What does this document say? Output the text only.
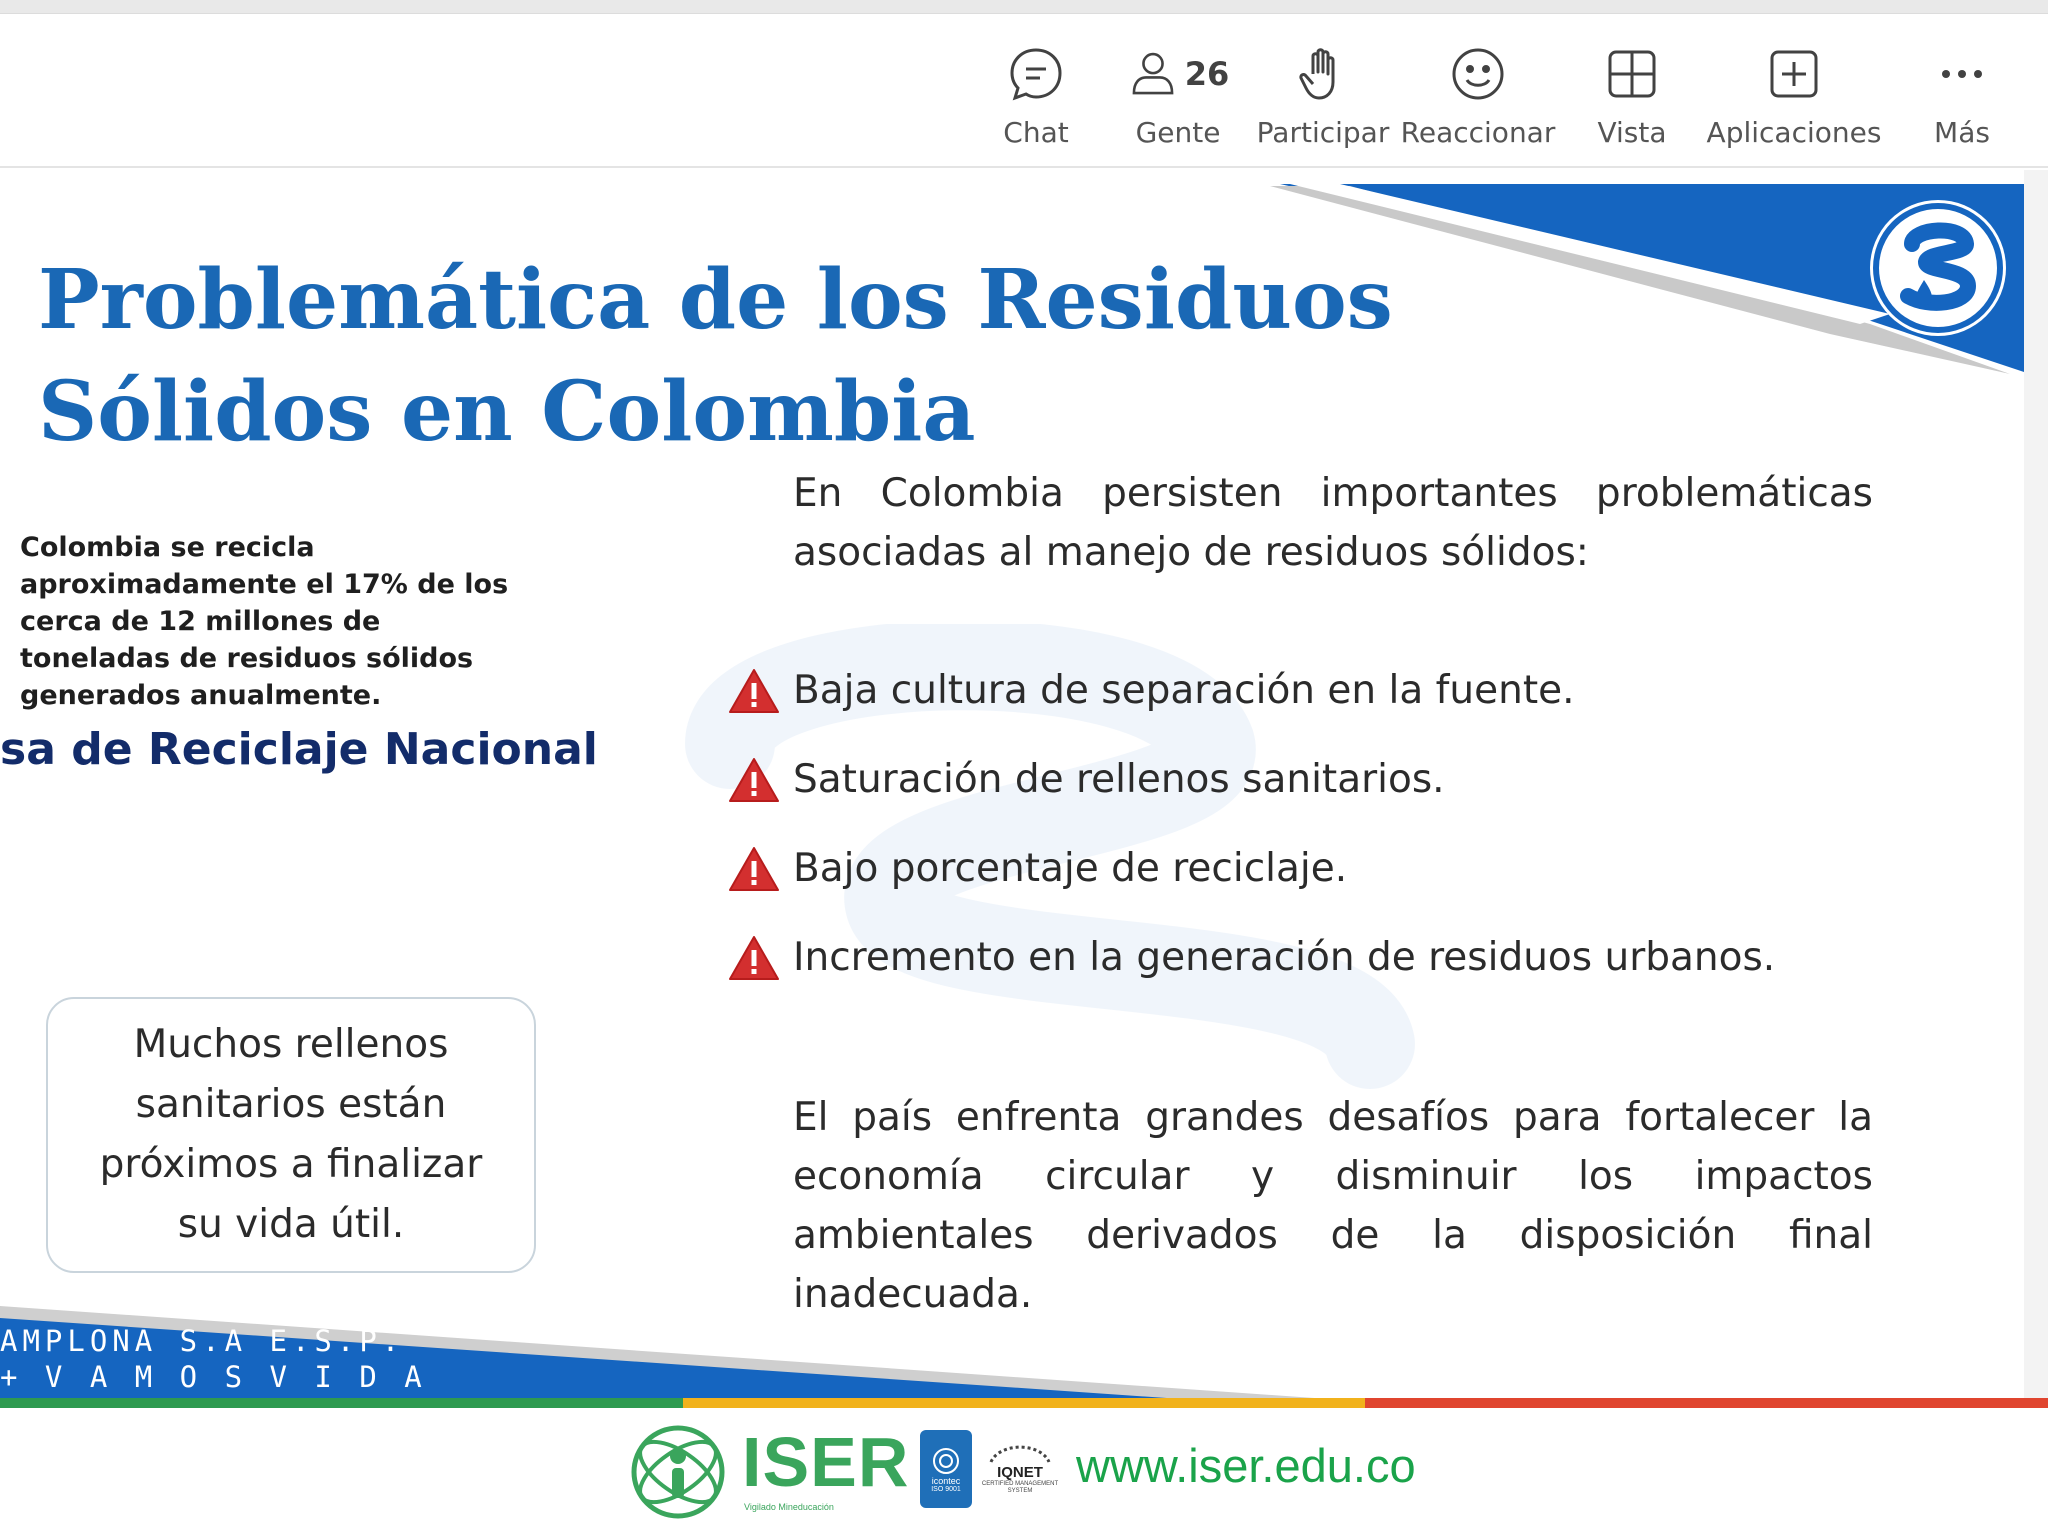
Chat
26
Gente Participar Reaccionar Vista Aplicaciones Más
Problemática de los Residuos
Sólidos en Colombia
Colombia se recicla
aproximadamente el 17% de los
cerca de 12 millones de
toneladas de residuos sólidos
generados anualmente.
sa de Reciclaje Nacional
Muchos rellenos
sanitarios están
próximos a finalizar
su vida útil.
En Colombia persisten importantes problemáticas asociadas al manejo de residuos sólidos:
Baja cultura de separación en la fuente.
Saturación de rellenos sanitarios.
Bajo porcentaje de reciclaje.
Incremento en la generación de residuos urbanos.
El país enfrenta grandes desafíos para fortalecer la economía circular y disminuir los impactos ambientales derivados de la disposición final inadecuada.
AMPLONA S.A E.S.P.
+ V A M O S V I D A
ISER
Vigilado Mineducación
icontec
ISO 9001
IQNET
CERTIFIED MANAGEMENT SYSTEM www.iser.edu.co
